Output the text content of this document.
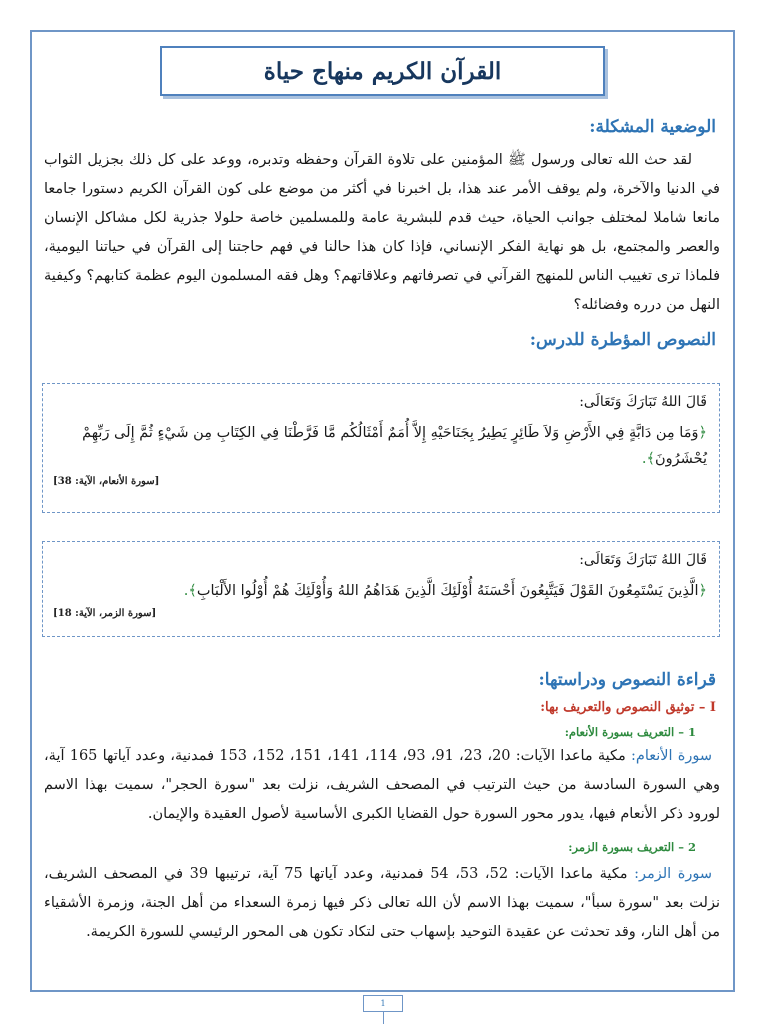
القرآن الكريم منهاج حياة
الوضعية المشكلة:

لقد حث الله تعالى ورسول ﷺ المؤمنين على تلاوة القرآن وحفظه وتدبره، ووعد على كل ذلك بجزيل الثواب في الدنيا والآخرة، ولم يوقف الأمر عند هذا، بل اخبرنا في أكثر من موضع على كون القرآن الكريم دستورا جامعا مانعا شاملا لمختلف جوانب الحياة، حيث قدم للبشرية عامة وللمسلمين خاصة حلولا جذرية لكل مشاكل الإنسان والعصر والمجتمع، بل هو نهاية الفكر الإنساني، فإذا كان هذا حالنا في فهم حاجتنا إلى القرآن في حياتنا اليومية، فلماذا ترى تغييب الناس للمنهج القرآني في تصرفاتهم وعلاقاتهم؟ وهل فقه المسلمون اليوم عظمة كتابهم؟ وكيفية النهل من درره وفضائله؟

النصوص المؤطرة للدرس:
قَالَ اللهُ تَبَارَكَ وَتَعَالَى:
﴿وَمَا مِن دَابَّةٍ فِي الأَرْضِ وَلاَ طَائِرٍ يَطِيرُ بِجَنَاحَيْهِ إِلاَّ أُمَمٌ أَمْثَالُكُم مَّا فَرَّطْنَا فِي الكِتَابِ مِن شَيْءٍ ثُمَّ إِلَى رَبِّهِمْ يُحْشَرُونَ﴾.
[سورة الأنعام، الآية: 38]
قَالَ اللهُ تَبَارَكَ وَتَعَالَى:
﴿الَّذِينَ يَسْتَمِعُونَ القَوْلَ فَيَتَّبِعُونَ أَحْسَنَهُ أُوْلَئِكَ الَّذِينَ هَدَاهُمُ اللهُ وَأُوْلَئِكَ هُمْ أُوْلُوا الأَلْبَابِ﴾.
[سورة الزمر، الآية: 18]
قراءة النصوص ودراستها:
I – توثيق النصوص والتعريف بها:
1 – التعريف بسورة الأنعام:

سورة الأنعام: مكية ماعدا الآيات: 20، 23، 91، 93، 114، 141، 151، 152، 153 فمدنية، وعدد آياتها 165 آية، وهي السورة السادسة من حيث الترتيب في المصحف الشريف، نزلت بعد "سورة الحجر"، سميت بهذا الاسم لورود ذكر الأنعام فيها، يدور محور السورة حول القضايا الكبرى الأساسية لأصول العقيدة والإيمان.

2 – التعريف بسورة الزمر:

سورة الزمر: مكية ماعدا الآيات: 52، 53، 54 فمدنية، وعدد آياتها 75 آية، ترتيبها 39 في المصحف الشريف، نزلت بعد "سورة سبأ"، سميت بهذا الاسم لأن الله تعالى ذكر فيها زمرة السعداء من أهل الجنة، وزمرة الأشقياء من أهل النار، وقد تحدثت عن عقيدة التوحيد بإسهاب حتى لتكاد تكون هى المحور الرئيسي للسورة الكريمة.

1
